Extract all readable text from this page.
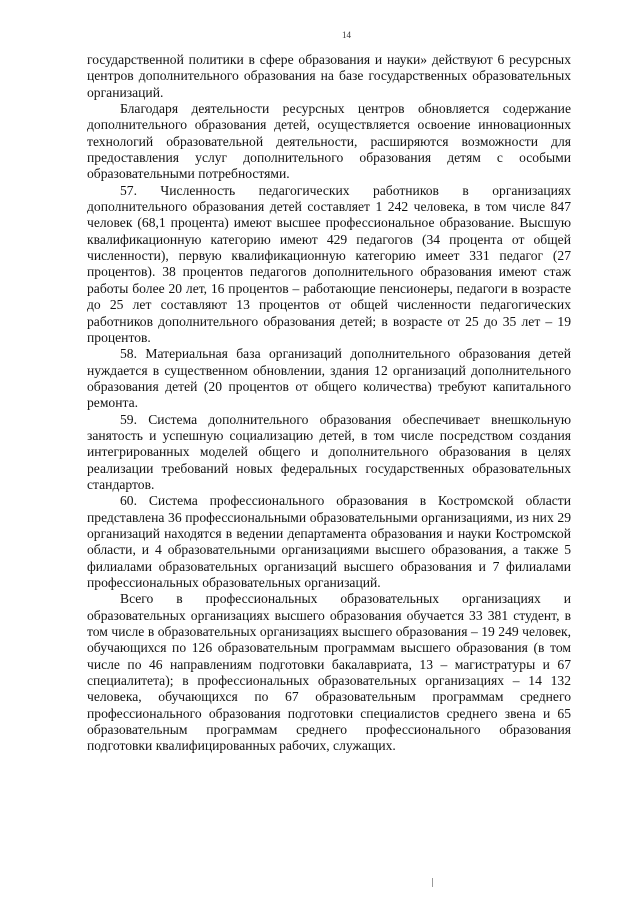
14

государственной политики в сфере образования и науки» действуют 6 ресурсных центров дополнительного образования на базе государственных образовательных организаций.

Благодаря деятельности ресурсных центров обновляется содержание дополнительного образования детей, осуществляется освоение инновационных технологий образовательной деятельности, расширяются возможности для предоставления услуг дополнительного образования детям с особыми образовательными потребностями.

57. Численность педагогических работников в организациях дополнительного образования детей составляет 1 242 человека, в том числе 847 человек (68,1 процента) имеют высшее профессиональное образование. Высшую квалификационную категорию имеют 429 педагогов (34 процента от общей численности), первую квалификационную категорию имеет 331 педагог (27 процентов). 38 процентов педагогов дополнительного образования имеют стаж работы более 20 лет, 16 процентов – работающие пенсионеры, педагоги в возрасте до 25 лет составляют 13 процентов от общей численности педагогических работников дополнительного образования детей; в возрасте от 25 до 35 лет – 19 процентов.

58. Материальная база организаций дополнительного образования детей нуждается в существенном обновлении, здания 12 организаций дополнительного образования детей (20 процентов от общего количества) требуют капитального ремонта.

59. Система дополнительного образования обеспечивает внешкольную занятость и успешную социализацию детей, в том числе посредством создания интегрированных моделей общего и дополнительного образования в целях реализации требований новых федеральных государственных образовательных стандартов.

60. Система профессионального образования в Костромской области представлена 36 профессиональными образовательными организациями, из них 29 организаций находятся в ведении департамента образования и науки Костромской области, и 4 образовательными организациями высшего образования, а также 5 филиалами образовательных организаций высшего образования и 7 филиалами профессиональных образовательных организаций.

Всего в профессиональных образовательных организациях и образовательных организациях высшего образования обучается 33 381 студент, в том числе в образовательных организациях высшего образования – 19 249 человек, обучающихся по 126 образовательным программам высшего образования (в том числе по 46 направлениям подготовки бакалавриата, 13 – магистратуры и 67 специалитета); в профессиональных образовательных организациях – 14 132 человека, обучающихся по 67 образовательным программам среднего профессионального образования подготовки специалистов среднего звена и 65 образовательным программам среднего профессионального образования подготовки квалифицированных рабочих, служащих.
